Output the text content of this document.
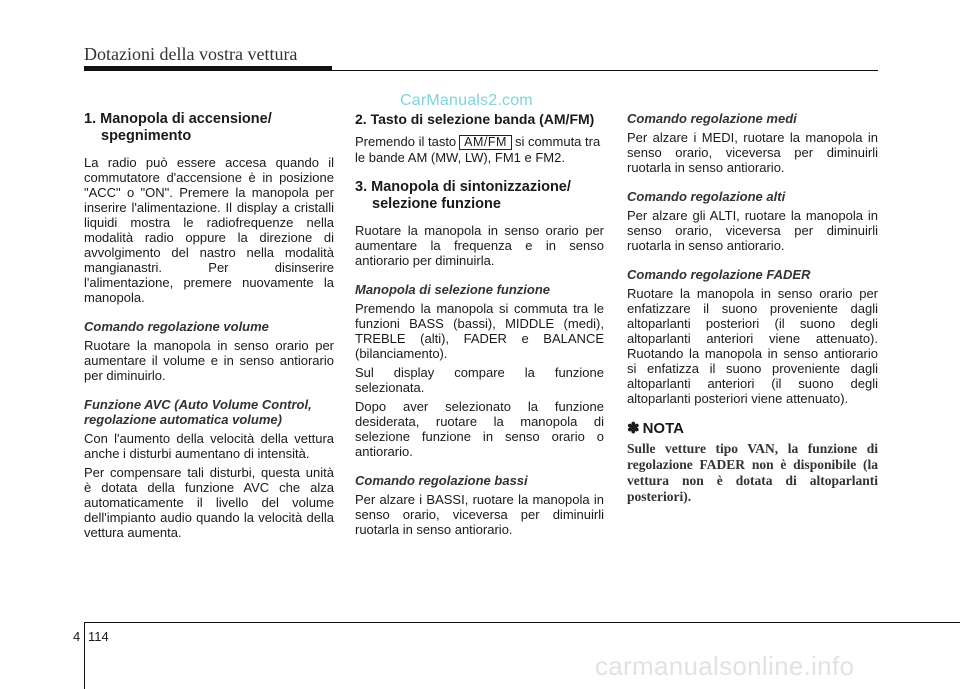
Dotazioni della vostra vettura
CarManuals2.com
1. Manopola di accensione/
spegnimento

La radio può essere accesa quando il commutatore d'accensione è in posizione "ACC" o "ON". Premere la manopola per inserire l'alimentazione. Il display a cristalli liquidi mostra le radiofrequenze nella modalità radio oppure la direzione di avvolgimento del nastro nella modalità mangianastri. Per disinserire l'alimentazione, premere nuovamente la manopola.

Comando regolazione volume

Ruotare la manopola in senso orario per aumentare il volume e in senso antiorario per diminuirlo.

Funzione AVC (Auto Volume Control,
regolazione automatica volume)

Con l'aumento della velocità della vettura anche i disturbi aumentano di intensità.

Per compensare tali disturbi, questa unità è dotata della funzione AVC che alza automaticamente il livello del volume dell'impianto audio quando la velocità della vettura aumenta.

2. Tasto di selezione banda (AM/FM)

Premendo il tasto AM/FM si commuta tra le bande AM (MW, LW), FM1 e FM2.

3. Manopola di sintonizzazione/
selezione funzione

Ruotare la manopola in senso orario per aumentare la frequenza e in senso antiorario per diminuirla.

Manopola di selezione funzione

Premendo la manopola si commuta tra le funzioni BASS (bassi), MIDDLE (medi), TREBLE (alti), FADER e BALANCE (bilanciamento).

Sul display compare la funzione selezionata.

Dopo aver selezionato la funzione desiderata, ruotare la manopola di selezione funzione in senso orario o antiorario.

Comando regolazione bassi

Per alzare i BASSI, ruotare la manopola in senso orario, viceversa per diminuirli ruotarla in senso antiorario.

Comando regolazione medi

Per alzare i MEDI, ruotare la manopola in senso orario, viceversa per diminuirli ruotarla in senso antiorario.

Comando regolazione alti

Per alzare gli ALTI, ruotare la manopola in senso orario, viceversa per diminuirli ruotarla in senso antiorario.

Comando regolazione FADER

Ruotare la manopola in senso orario per enfatizzare il suono proveniente dagli altoparlanti posteriori (il suono degli altoparlanti anteriori viene attenuato). Ruotando la manopola in senso antiorario si enfatizza il suono proveniente dagli altoparlanti anteriori (il suono degli altoparlanti posteriori viene attenuato).

✽ NOTA

Sulle vetture tipo VAN, la funzione di regolazione FADER non è disponibile (la vettura non è dotata di altoparlanti posteriori).

4 114
carmanualsonline.info
